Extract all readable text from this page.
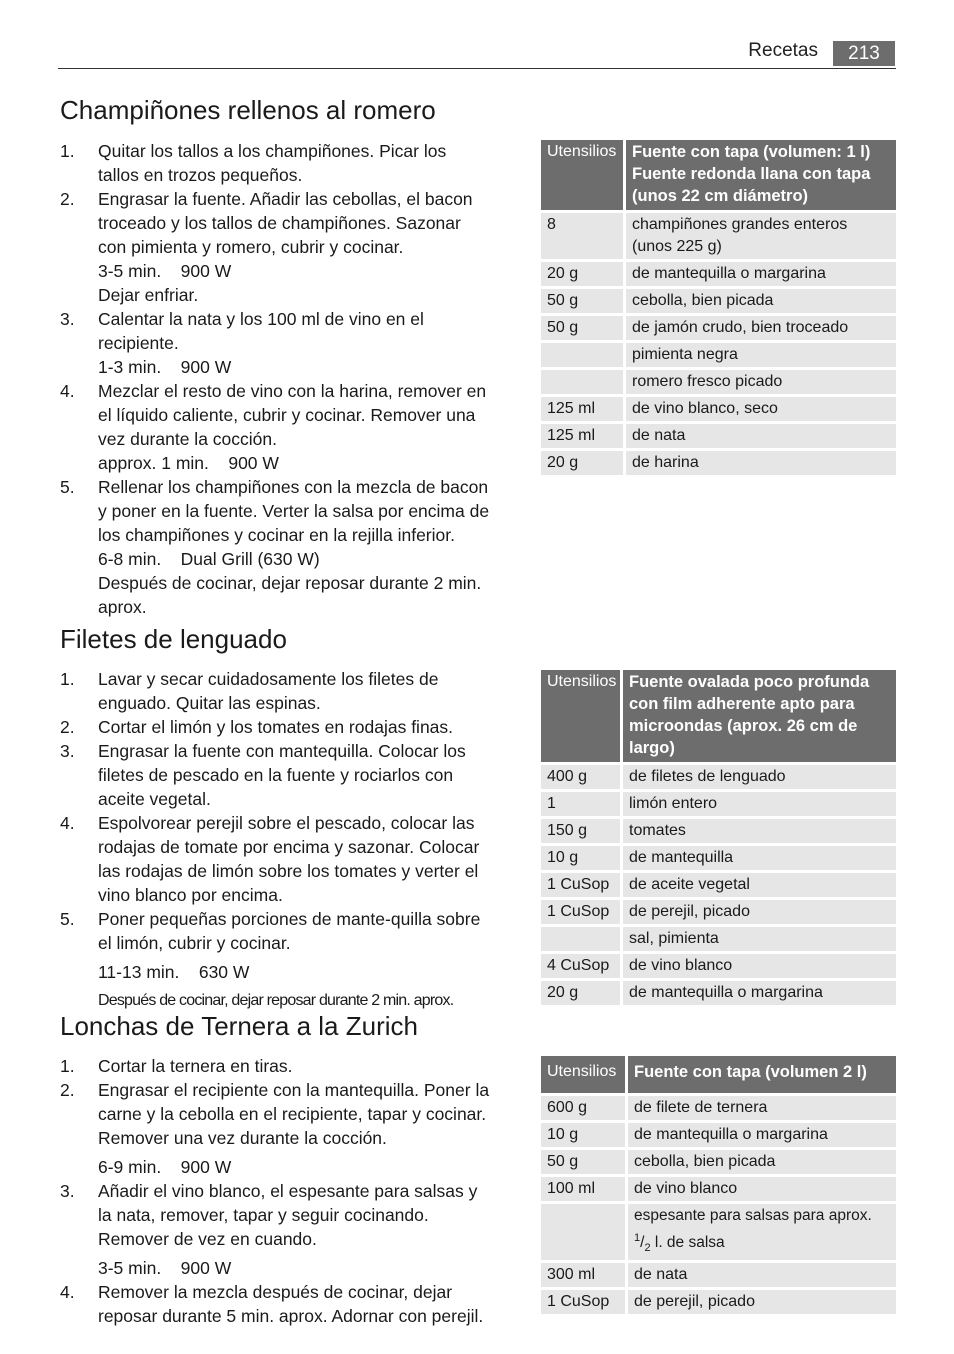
Recetas	213
Champiñones rellenos al romero
1. Quitar los tallos a los champiñones. Picar los tallos en trozos pequeños.
2. Engrasar la fuente. Añadir las cebollas, el bacon troceado y los tallos de champiñones. Sazonar con pimienta y romero, cubrir y cocinar.
3-5 min.    900 W
Dejar enfriar.
3. Calentar la nata y los 100 ml de vino en el recipiente.
1-3 min.    900 W
4. Mezclar el resto de vino con la harina, remover en el líquido caliente, cubrir y cocinar. Remover una vez durante la cocción.
approx. 1 min.    900 W
5. Rellenar los champiñones con la mezcla de bacon y poner en la fuente. Verter la salsa por encima de los champiñones y cocinar en la rejilla inferior.
6-8 min.    Dual Grill (630 W)
Después de cocinar, dejar reposar durante 2 min. aprox.
Utensilios	Fuente con tapa (volumen: 1 l) Fuente redonda llana con tapa (unos 22 cm diámetro)
8	champiñones grandes enteros (unos 225 g)
20 g	de mantequilla o margarina
50 g	cebolla, bien picada
50 g	de jamón crudo, bien troceado
	pimienta negra
	romero fresco picado
125 ml	de vino blanco, seco
125 ml	de nata
20 g	de harina
Filetes de lenguado
1. Lavar y secar cuidadosamente los filetes de enguado. Quitar las espinas.
2. Cortar el limón y los tomates en rodajas finas.
3. Engrasar la fuente con mantequilla. Colocar los filetes de pescado en la fuente y rociarlos con aceite vegetal.
4. Espolvorear perejil sobre el pescado, colocar las rodajas de tomate por encima y sazonar. Colocar las rodajas de limón sobre los tomates y verter el vino blanco por encima.
5. Poner pequeñas porciones de mante-quilla sobre el limón, cubrir y cocinar.
11-13 min.    630 W
Después de cocinar, dejar reposar durante 2 min. aprox.
Utensilios	Fuente ovalada poco profunda con film adherente apto para microondas (aprox. 26 cm de largo)
400 g	de filetes de lenguado
1	limón entero
150 g	tomates
10 g	de mantequilla
1 CuSop	de aceite vegetal
1 CuSop	de perejil, picado
	sal, pimienta
4 CuSop	de vino blanco
20 g	de mantequilla o margarina
Lonchas de Ternera a la Zurich
1. Cortar la ternera en tiras.
2. Engrasar el recipiente con la mantequilla. Poner la carne y la cebolla en el recipiente, tapar y cocinar. Remover una vez durante la cocción.
6-9 min.    900 W
3. Añadir el vino blanco, el espesante para salsas y la nata, remover, tapar y seguir cocinando. Remover de vez en cuando.
3-5 min.    900 W
4. Remover la mezcla después de cocinar, dejar reposar durante 5 min. aprox. Adornar con perejil.
Utensilios	Fuente con tapa (volumen 2 l)
600 g	de filete de ternera
10 g	de mantequilla o margarina
50 g	cebolla, bien picada
100 ml	de vino blanco
	espesante para salsas para aprox.
$^1/_2$ l. de salsa
300 ml	de nata
1 CuSop	de perejil, picado
